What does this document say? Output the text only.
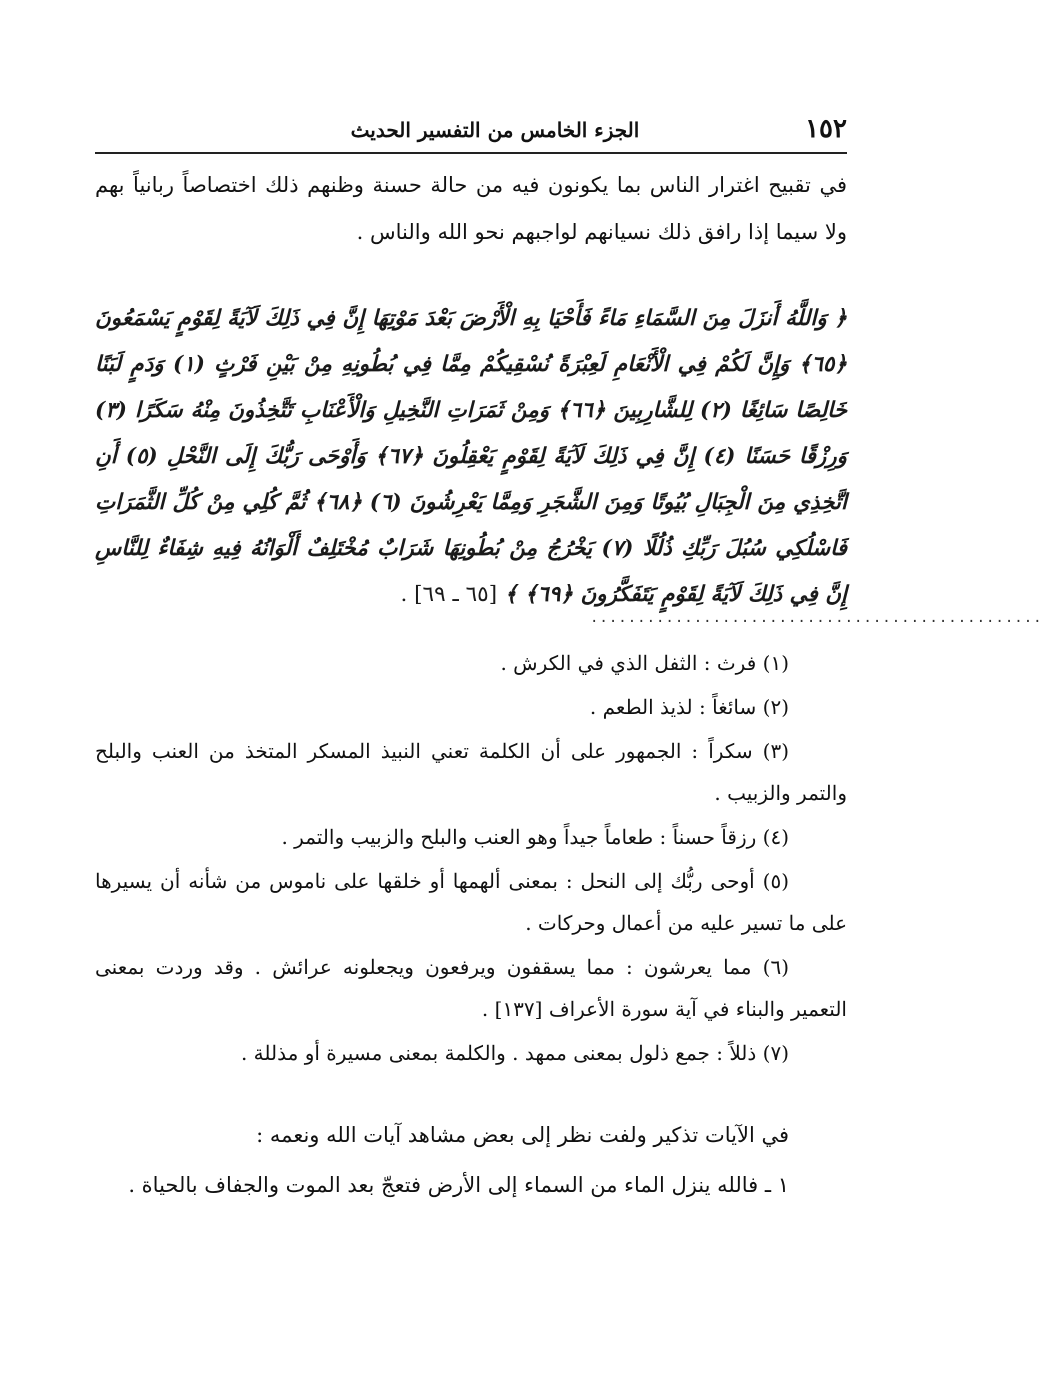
١٥٢
الجزء الخامس من التفسير الحديث
في تقبيح اغترار الناس بما يكونون فيه من حالة حسنة وظنهم ذلك اختصاصاً ربانياً بهم ولا سيما إذا رافق ذلك نسيانهم لواجبهم نحو الله والناس .
﴿ وَاللَّهُ أَنزَلَ مِنَ السَّمَاءِ مَاءً فَأَحْيَا بِهِ الْأَرْضَ بَعْدَ مَوْتِهَا إِنَّ فِي ذَلِكَ لَآيَةً لِقَوْمٍ يَسْمَعُونَ ﴿٦٥﴾ وَإِنَّ لَكُمْ فِي الْأَنْعَامِ لَعِبْرَةً نُسْقِيكُمْ مِمَّا فِي بُطُونِهِ مِنْ بَيْنِ فَرْثٍ (١) وَدَمٍ لَبَنًا خَالِصًا سَائِغًا (٢) لِلشَّارِبِينَ ﴿٦٦﴾ وَمِنْ ثَمَرَاتِ النَّخِيلِ وَالْأَعْنَابِ تَتَّخِذُونَ مِنْهُ سَكَرًا (٣) وَرِزْقًا حَسَنًا (٤) إِنَّ فِي ذَلِكَ لَآيَةً لِقَوْمٍ يَعْقِلُونَ ﴿٦٧﴾ وَأَوْحَى رَبُّكَ إِلَى النَّحْلِ (٥) أَنِ اتَّخِذِي مِنَ الْجِبَالِ بُيُوتًا وَمِنَ الشَّجَرِ وَمِمَّا يَعْرِشُونَ (٦) ﴿٦٨﴾ ثُمَّ كُلِي مِنْ كُلِّ الثَّمَرَاتِ فَاسْلُكِي سُبُلَ رَبِّكِ ذُلُلًا (٧) يَخْرُجُ مِنْ بُطُونِهَا شَرَابٌ مُخْتَلِفٌ أَلْوَانُهُ فِيهِ شِفَاءٌ لِلنَّاسِ إِنَّ فِي ذَلِكَ لَآيَةً لِقَوْمٍ يَتَفَكَّرُونَ ﴿٦٩﴾ ﴾ [٦٥ ـ ٦٩] .
................................................
(١) فرث : الثفل الذي في الكرش .
(٢) سائغاً : لذيذ الطعم .
(٣) سكراً : الجمهور على أن الكلمة تعني النبيذ المسكر المتخذ من العنب والبلح والتمر والزبيب .
(٤) رزقاً حسناً : طعاماً جيداً وهو العنب والبلح والزبيب والتمر .
(٥) أوحى ربُّك إلى النحل : بمعنى ألهمها أو خلقها على ناموس من شأنه أن يسيرها على ما تسير عليه من أعمال وحركات .
(٦) مما يعرشون : مما يسقفون ويرفعون ويجعلونه عرائش . وقد وردت بمعنى التعمير والبناء في آية سورة الأعراف [١٣٧] .
(٧) ذللاً : جمع ذلول بمعنى ممهد . والكلمة بمعنى مسيرة أو مذللة .
في الآيات تذكير ولفت نظر إلى بعض مشاهد آيات الله ونعمه :
١ ـ فالله ينزل الماء من السماء إلى الأرض فتعجّ بعد الموت والجفاف بالحياة .
